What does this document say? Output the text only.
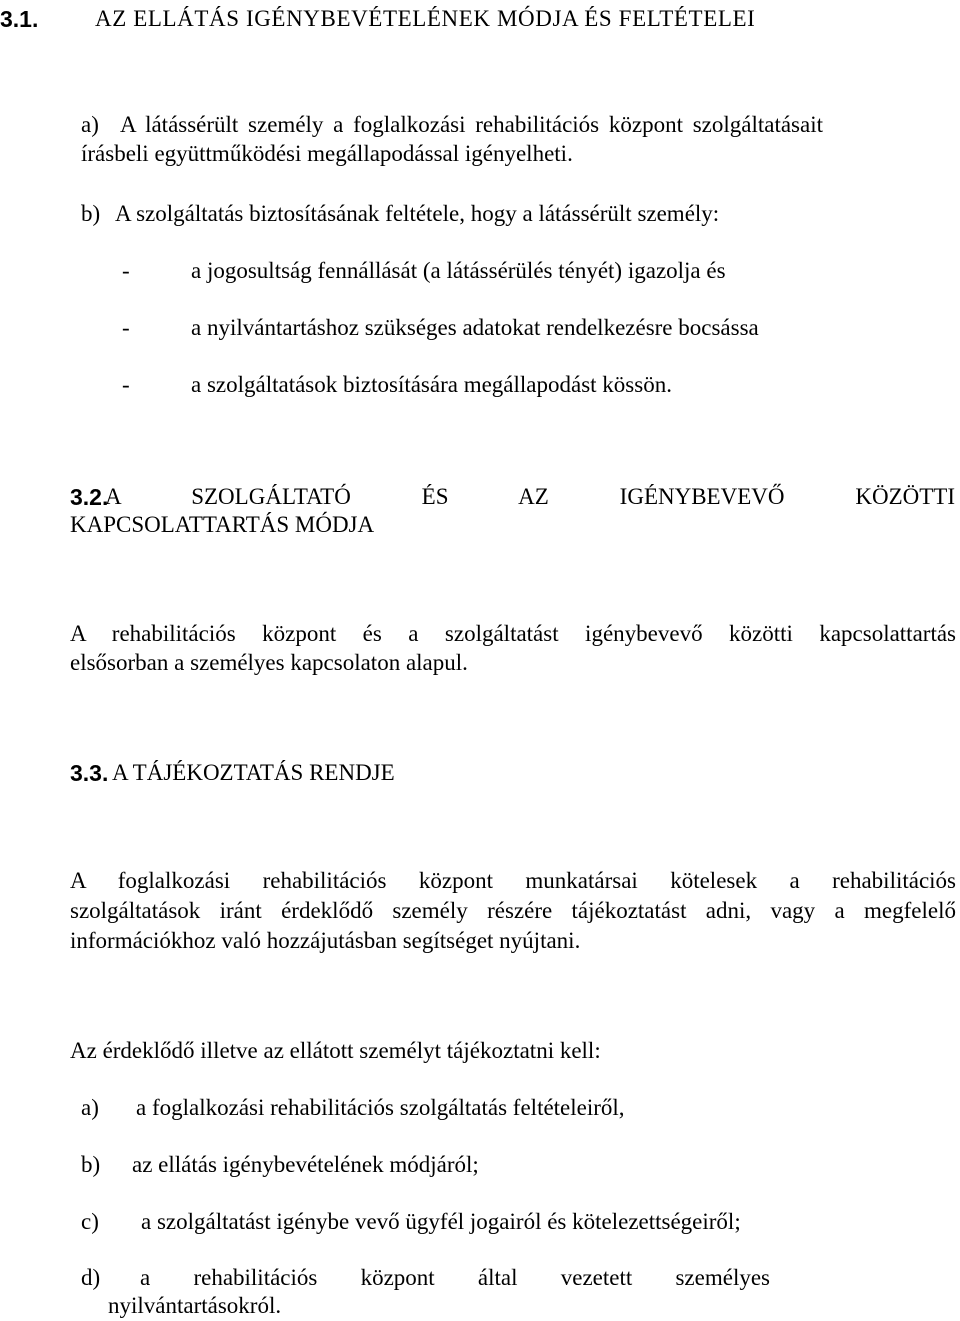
3.1. AZ ELLÁTÁS IGÉNYBEVÉTELÉNEK MÓDJA ÉS FELTÉTELEI
a) A látássérült személy a foglalkozási rehabilitációs központ szolgáltatásait
írásbeli együttműködési megállapodással igényelheti.
b) A szolgáltatás biztosításának feltétele, hogy a látássérült személy:
-	a jogosultság fennállását (a látássérülés tényét) igazolja és
-	a nyilvántartáshoz szükséges adatokat rendelkezésre bocsássa
-	a szolgáltatások biztosítására megállapodást kössön.
3.2.
A SZOLGÁLTATÓ ÉS AZ IGÉNYBEVEVŐ KÖZÖTTI
KAPCSOLATTARTÁS MÓDJA
A rehabilitációs központ és a szolgáltatást igénybevevő közötti kapcsolattartás
elsősorban a személyes kapcsolaton alapul.
3.3. A TÁJÉKOZTATÁS RENDJE
A foglalkozási rehabilitációs központ munkatársai kötelesek a rehabilitációs
szolgáltatások iránt érdeklődő személy részére tájékoztatást adni, vagy a megfelelő
információkhoz való hozzájutásban segítséget nyújtani.
Az érdeklődő illetve az ellátott személyt tájékoztatni kell:
a) a foglalkozási rehabilitációs szolgáltatás feltételeiről,
b) az ellátás igénybevételének módjáról;
c) a szolgáltatást igénybe vevő ügyfél jogairól és kötelezettségeiről;
d) a rehabilitációs központ által vezetett személyes
nyilvántartásokról.
